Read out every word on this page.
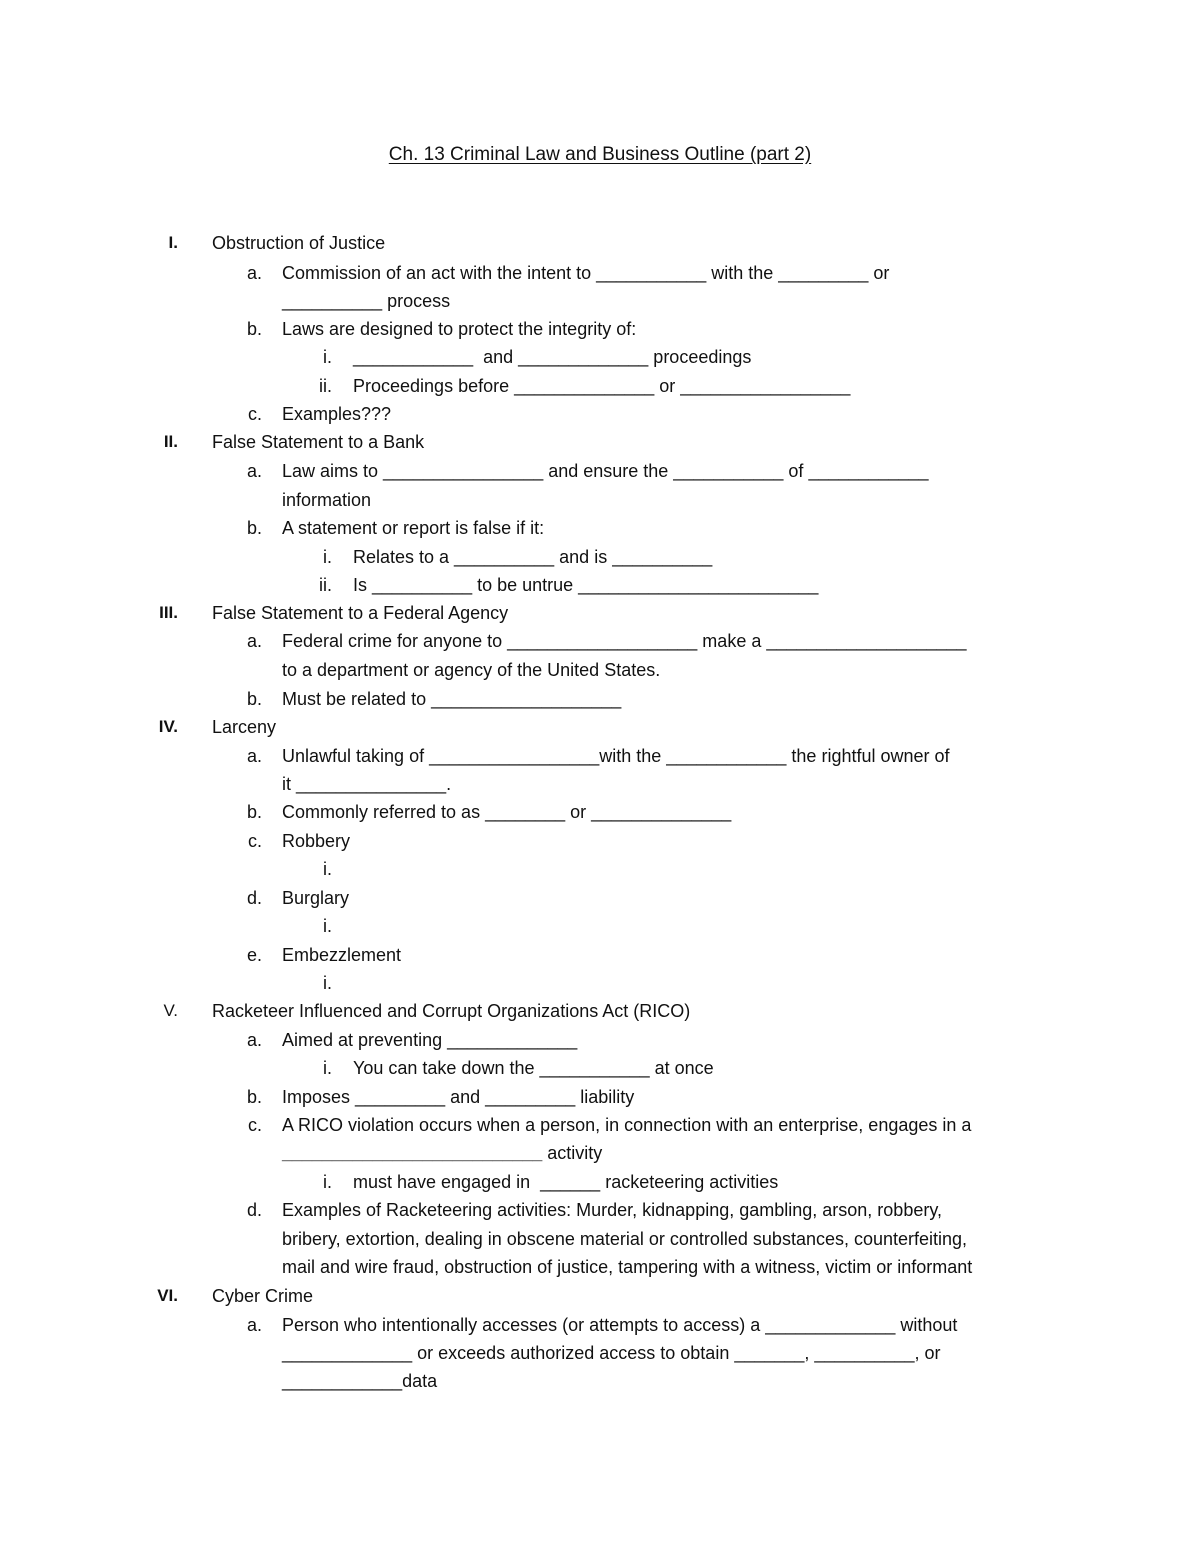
Ch. 13 Criminal Law and Business Outline (part 2)
I. Obstruction of Justice
a. Commission of an act with the intent to ___________ with the _________ or
__________ process
b. Laws are designed to protect the integrity of:
i. ____________  and _____________ proceedings
ii. Proceedings before ______________ or _________________
c. Examples???
II. False Statement to a Bank
a. Law aims to ________________ and ensure the ___________ of ____________
information
b. A statement or report is false if it:
i. Relates to a __________ and is __________
ii. Is __________ to be untrue ________________________
III. False Statement to a Federal Agency
a. Federal crime for anyone to ___________________ make a ____________________
to a department or agency of the United States.
b. Must be related to ___________________
IV. Larceny
a. Unlawful taking of _________________with the ____________ the rightful owner of
it _______________.
b. Commonly referred to as ________ or ______________
c. Robbery
i.
d. Burglary
i.
e. Embezzlement
i.
V. Racketeer Influenced and Corrupt Organizations Act (RICO)
a. Aimed at preventing _____________
i. You can take down the ___________ at once
b. Imposes _________ and _________ liability
c. A RICO violation occurs when a person, in connection with an enterprise, engages in a
__________________________ activity
i. must have engaged in  ______ racketeering activities
d. Examples of Racketeering activities: Murder, kidnapping, gambling, arson, robbery,
bribery, extortion, dealing in obscene material or controlled substances, counterfeiting,
mail and wire fraud, obstruction of justice, tampering with a witness, victim or informant
VI. Cyber Crime
a. Person who intentionally accesses (or attempts to access) a _____________ without
_____________ or exceeds authorized access to obtain _______, __________, or
____________data
